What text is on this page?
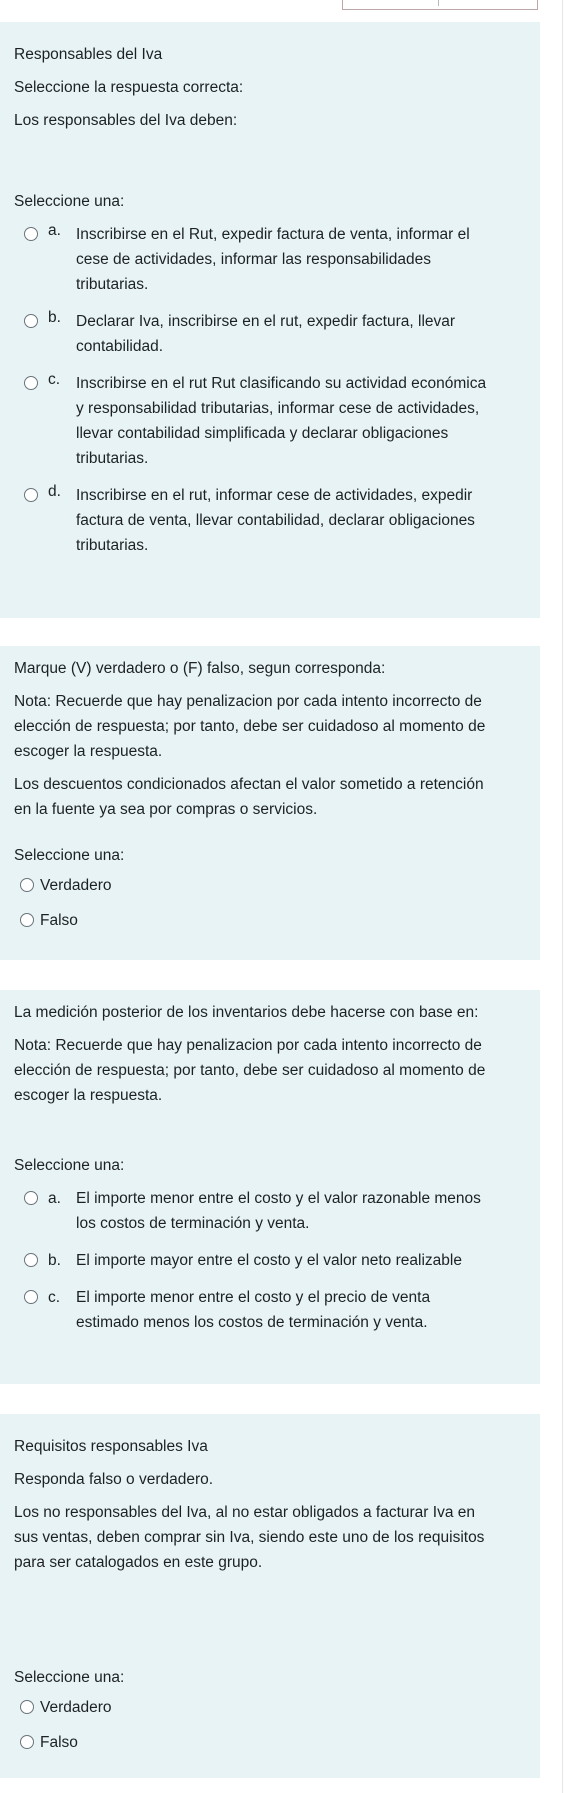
Responsables del Iva

Seleccione la respuesta correcta:

Los responsables del Iva deben:

Seleccione una:

a. Inscribirse en el Rut, expedir factura de venta, informar el
cese de actividades, informar las responsabilidades
tributarias.
b. Declarar Iva, inscribirse en el rut, expedir factura, llevar
contabilidad.
c. Inscribirse en el rut Rut clasificando su actividad económica
y responsabilidad tributarias, informar cese de actividades,
llevar contabilidad simplificada y declarar obligaciones
tributarias.
d. Inscribirse en el rut, informar cese de actividades, expedir
factura de venta, llevar contabilidad, declarar obligaciones
tributarias.

Marque (V) verdadero o (F) falso, segun corresponda:

Nota: Recuerde que hay penalizacion por cada intento incorrecto de
elección de respuesta; por tanto, debe ser cuidadoso al momento de
escoger la respuesta.
Los descuentos condicionados afectan el valor sometido a retención
en la fuente ya sea por compras o servicios.

Seleccione una:

Verdadero
Falso

La medición posterior de los inventarios debe hacerse con base en:

Nota: Recuerde que hay penalizacion por cada intento incorrecto de
elección de respuesta; por tanto, debe ser cuidadoso al momento de
escoger la respuesta.

Seleccione una:

a. El importe menor entre el costo y el valor razonable menos
los costos de terminación y venta.
b. El importe mayor entre el costo y el valor neto realizable
c. El importe menor entre el costo y el precio de venta
estimado menos los costos de terminación y venta.

Requisitos responsables Iva

Responda falso o verdadero.

Los no responsables del Iva, al no estar obligados a facturar Iva en
sus ventas, deben comprar sin Iva, siendo este uno de los requisitos
para ser catalogados en este grupo.

Seleccione una:

Verdadero
Falso
